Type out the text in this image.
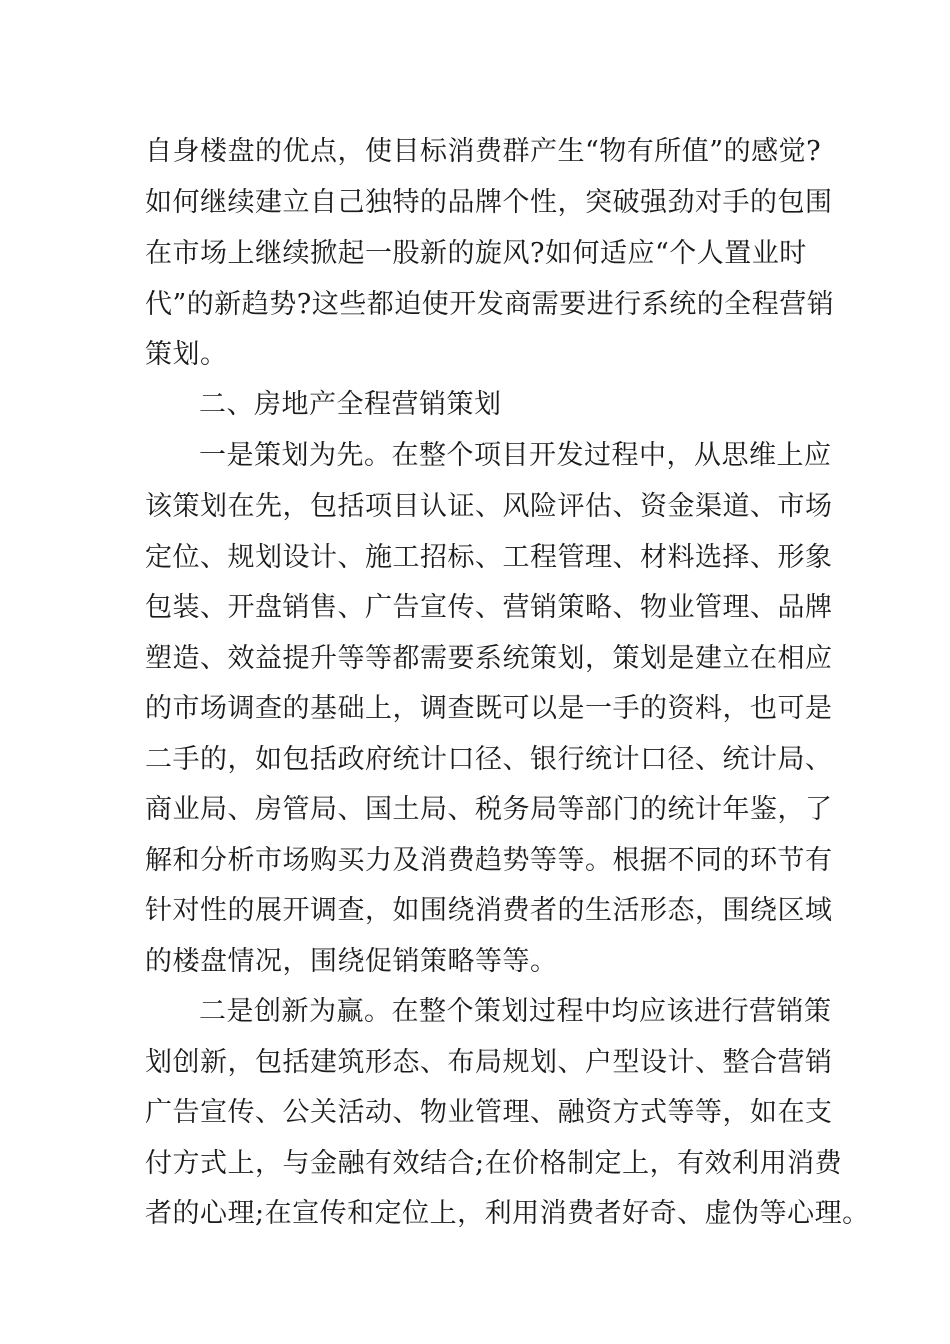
自身楼盘的优点，使目标消费群产生“物有所值”的感觉?
如何继续建立自己独特的品牌个性，突破强劲对手的包围
在市场上继续掀起一股新的旋风?如何适应“个人置业时
代”的新趋势?这些都迫使开发商需要进行系统的全程营销
策划。
二、房地产全程营销策划
一是策划为先。在整个项目开发过程中，从思维上应
该策划在先，包括项目认证、风险评估、资金渠道、市场
定位、规划设计、施工招标、工程管理、材料选择、形象
包装、开盘销售、广告宣传、营销策略、物业管理、品牌
塑造、效益提升等等都需要系统策划，策划是建立在相应
的市场调查的基础上，调查既可以是一手的资料，也可是
二手的，如包括政府统计口径、银行统计口径、统计局、
商业局、房管局、国土局、税务局等部门的统计年鉴，了
解和分析市场购买力及消费趋势等等。根据不同的环节有
针对性的展开调查，如围绕消费者的生活形态，围绕区域
的楼盘情况，围绕促销策略等等。
二是创新为赢。在整个策划过程中均应该进行营销策
划创新，包括建筑形态、布局规划、户型设计、整合营销
广告宣传、公关活动、物业管理、融资方式等等，如在支
付方式上，与金融有效结合;在价格制定上，有效利用消费
者的心理;在宣传和定位上，利用消费者好奇、虚伪等心理。
